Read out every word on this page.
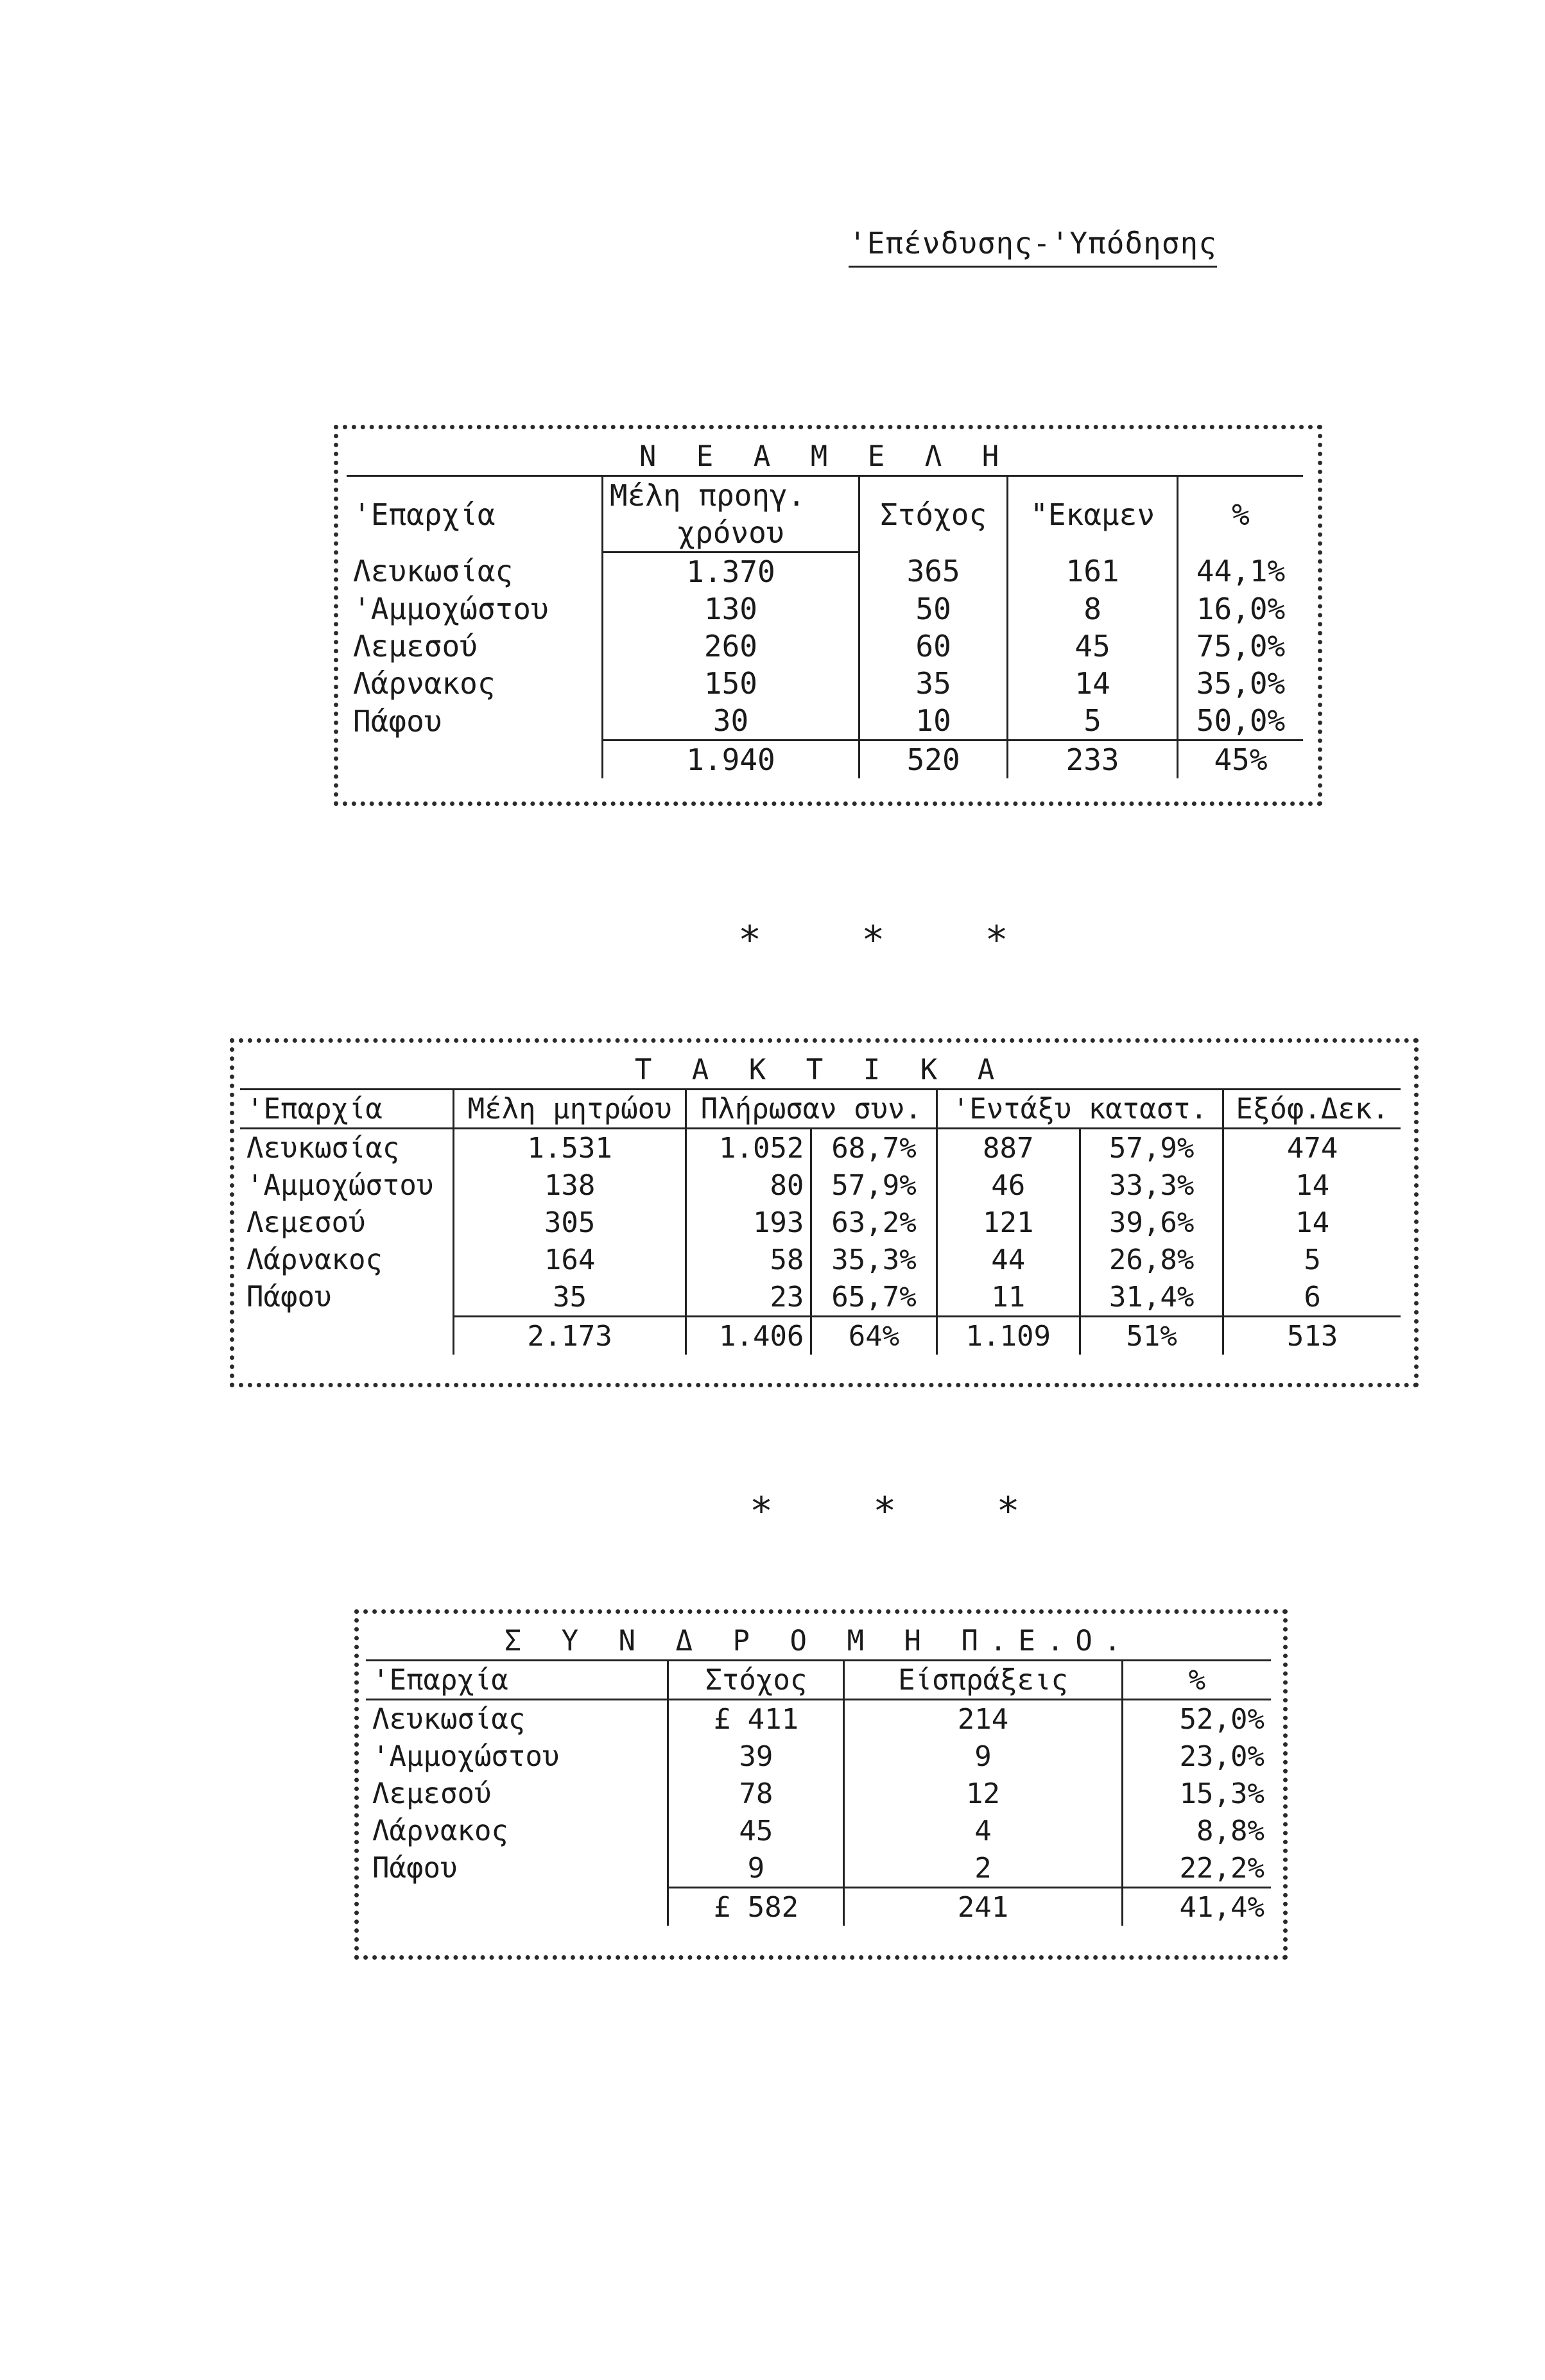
'Επένδυσης-'Υπόδησης
Ν Ε Α Μ Ε Λ Η				
'Επαρχία	Μέλη προηγ.	Στόχος	"Εκαμεν	%
	χρόνου			
Λευκωσίας	1.370	365	161	44,1%
'Αμμοχώστου	130	50	8	16,0%
Λεμεσού	260	60	45	75,0%
Λάρνακος	150	35	14	35,0%
Πάφου	30	10	5	50,0%
	1.940	520	233	45%
* * *
Τ Α Κ Τ Ι Κ Α						
'Επαρχία	Μέλη μητρώου	Πλήρωσαν συν.		'Εντάξυ καταστ.		Εξόφ.Δεκ.
Λευκωσίας	1.531	1.052	68,7%	887	57,9%	474
'Αμμοχώστου	138	80	57,9%	46	33,3%	14
Λεμεσού	305	193	63,2%	121	39,6%	14
Λάρνακος	164	58	35,3%	44	26,8%	5
Πάφου	35	23	65,7%	11	31,4%	6
	2.173	1.406	64%	1.109	51%	513
* * *
Σ Υ Ν Δ Ρ Ο Μ Η Π.Ε.Ο.			
'Επαρχία	Στόχος	Είσπράξεις	%
Λευκωσίας	£ 411	214	52,0%
'Αμμοχώστου	39	9	23,0%
Λεμεσού	78	12	15,3%
Λάρνακος	45	4	8,8%
Πάφου	9	2	22,2%
	£ 582	241	41,4%
